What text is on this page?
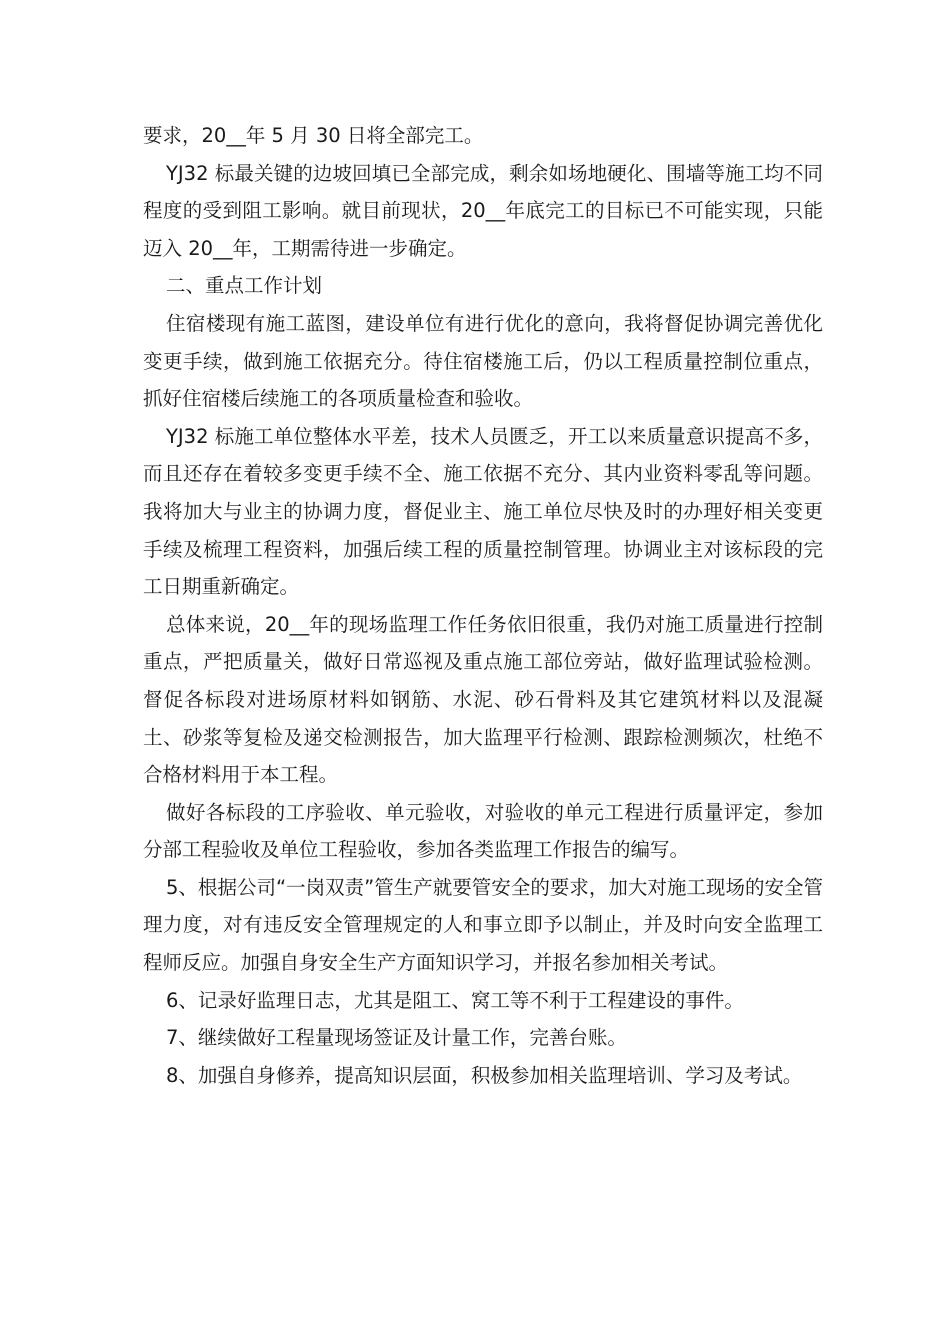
要求，20__年 5 月 30 日将全部完工。

YJ32 标最关键的边坡回填已全部完成，剩余如场地硬化、围墙等施工均不同程度的受到阻工影响。就目前现状，20__年底完工的目标已不可能实现，只能迈入 20__年，工期需待进一步确定。

二、重点工作计划

住宿楼现有施工蓝图，建设单位有进行优化的意向，我将督促协调完善优化变更手续，做到施工依据充分。待住宿楼施工后，仍以工程质量控制位重点，抓好住宿楼后续施工的各项质量检查和验收。

YJ32 标施工单位整体水平差，技术人员匮乏，开工以来质量意识提高不多，而且还存在着较多变更手续不全、施工依据不充分、其内业资料零乱等问题。我将加大与业主的协调力度，督促业主、施工单位尽快及时的办理好相关变更手续及梳理工程资料，加强后续工程的质量控制管理。协调业主对该标段的完工日期重新确定。

总体来说，20__年的现场监理工作任务依旧很重，我仍对施工质量进行控制重点，严把质量关，做好日常巡视及重点施工部位旁站，做好监理试验检测。督促各标段对进场原材料如钢筋、水泥、砂石骨料及其它建筑材料以及混凝土、砂浆等复检及递交检测报告，加大监理平行检测、跟踪检测频次，杜绝不合格材料用于本工程。

做好各标段的工序验收、单元验收，对验收的单元工程进行质量评定，参加分部工程验收及单位工程验收，参加各类监理工作报告的编写。

5、根据公司“一岗双责”管生产就要管安全的要求，加大对施工现场的安全管理力度，对有违反安全管理规定的人和事立即予以制止，并及时向安全监理工程师反应。加强自身安全生产方面知识学习，并报名参加相关考试。

6、记录好监理日志，尤其是阻工、窝工等不利于工程建设的事件。

7、继续做好工程量现场签证及计量工作，完善台账。

8、加强自身修养，提高知识层面，积极参加相关监理培训、学习及考试。
